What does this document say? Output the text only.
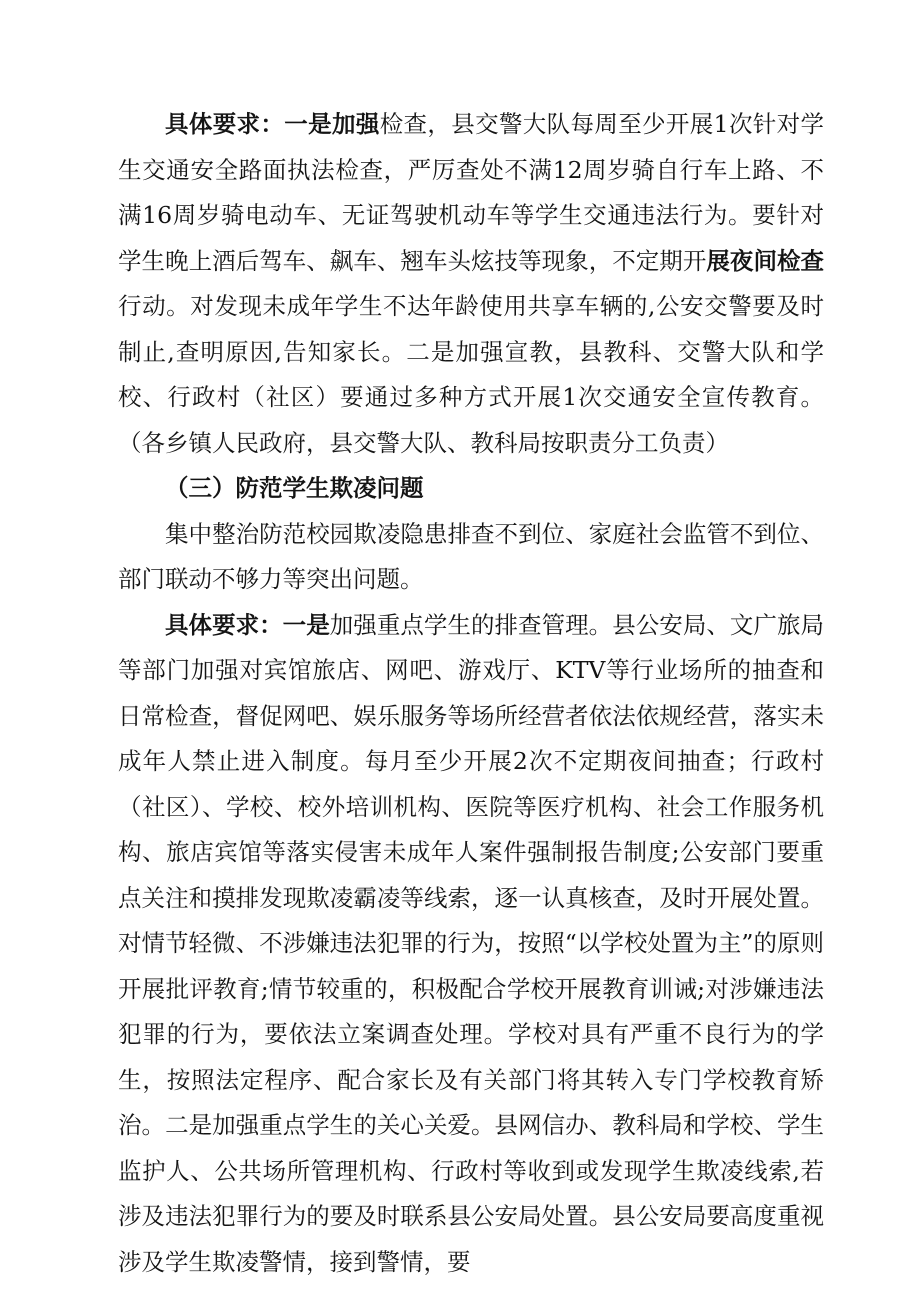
具体要求：一是加强检查，县交警大队每周至少开展1次针对学生交通安全路面执法检查，严厉查处不满12周岁骑自行车上路、不满16周岁骑电动车、无证驾驶机动车等学生交通违法行为。要针对学生晚上酒后驾车、飙车、翘车头炫技等现象，不定期开展夜间检查行动。对发现未成年学生不达年龄使用共享车辆的,公安交警要及时制止,查明原因,告知家长。二是加强宣教，县教科、交警大队和学校、行政村（社区）要通过多种方式开展1次交通安全宣传教育。（各乡镇人民政府，县交警大队、教科局按职责分工负责）

（三）防范学生欺凌问题

集中整治防范校园欺凌隐患排查不到位、家庭社会监管不到位、部门联动不够力等突出问题。

具体要求：一是加强重点学生的排查管理。县公安局、文广旅局等部门加强对宾馆旅店、网吧、游戏厅、KTV等行业场所的抽查和日常检查，督促网吧、娱乐服务等场所经营者依法依规经营，落实未成年人禁止进入制度。每月至少开展2次不定期夜间抽查；行政村（社区）、学校、校外培训机构、医院等医疗机构、社会工作服务机构、旅店宾馆等落实侵害未成年人案件强制报告制度;公安部门要重点关注和摸排发现欺凌霸凌等线索，逐一认真核查，及时开展处置。对情节轻微、不涉嫌违法犯罪的行为，按照“以学校处置为主”的原则开展批评教育;情节较重的，积极配合学校开展教育训诫;对涉嫌违法犯罪的行为，要依法立案调查处理。学校对具有严重不良行为的学生，按照法定程序、配合家长及有关部门将其转入专门学校教育矫治。二是加强重点学生的关心关爱。县网信办、教科局和学校、学生监护人、公共场所管理机构、行政村等收到或发现学生欺凌线索,若涉及违法犯罪行为的要及时联系县公安局处置。县公安局要高度重视涉及学生欺凌警情，接到警情，要
